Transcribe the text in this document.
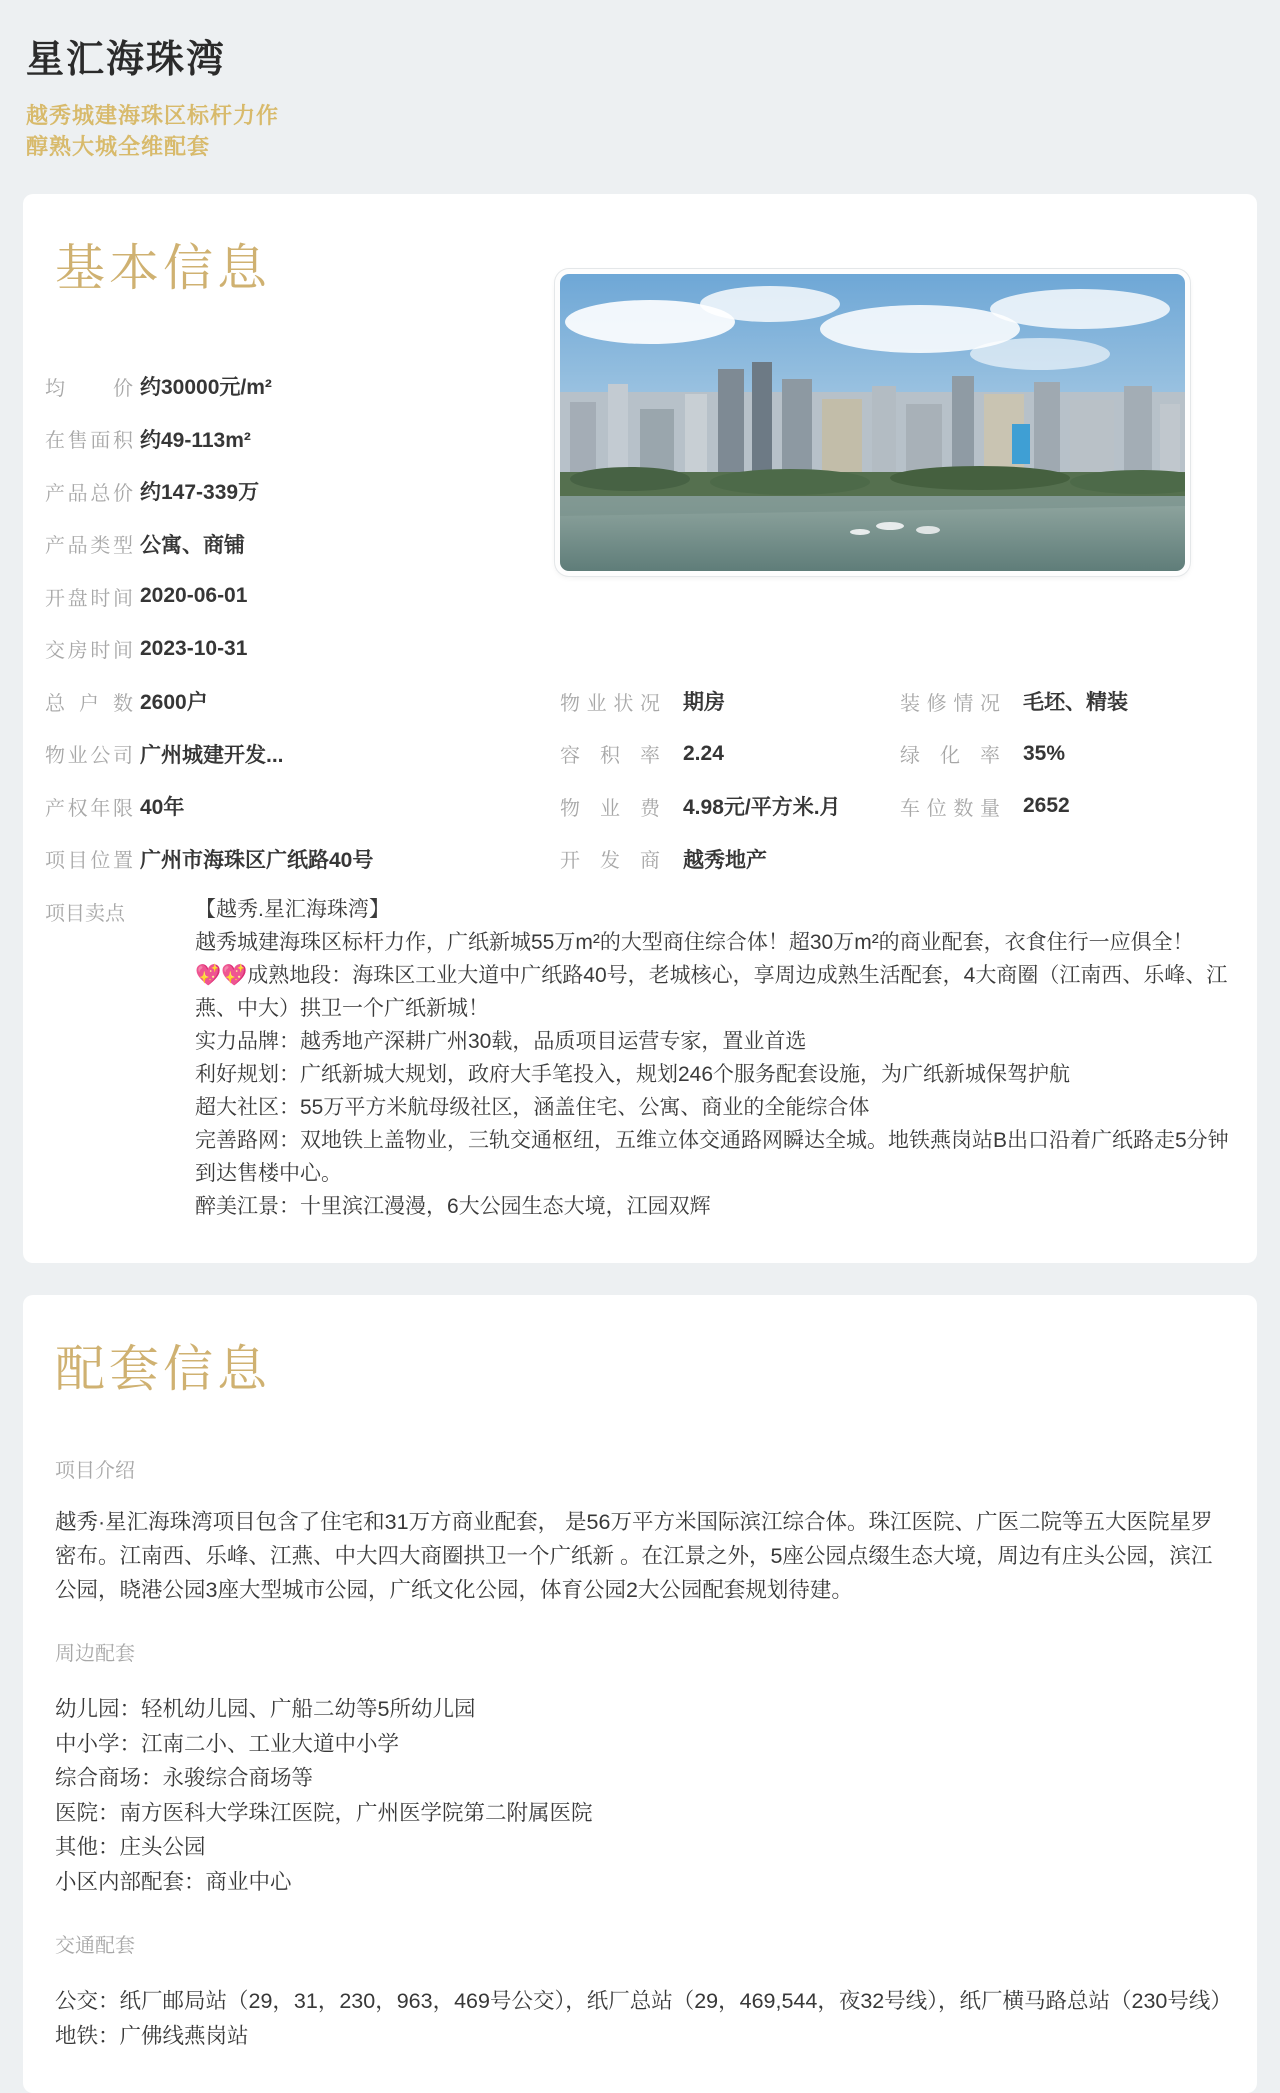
星汇海珠湾
越秀城建海珠区标杆力作
醇熟大城全维配套
基本信息
均价 约30000元/m²
在售面积 约49-113m²
产品总价 约147-339万
产品类型 公寓、商铺
开盘时间 2020-06-01
交房时间 2023-10-31
总户数 2600户
物业公司 广州城建开发...
产权年限 40年
项目位置 广州市海珠区广纸路40号
物业状况 期房
容积率 2.24
物业费 4.98元/平方米.月
开发商 越秀地产
装修情况 毛坯、精装
绿化率 35%
车位数量 2652
项目卖点	【越秀.星汇海珠湾】
越秀城建海珠区标杆力作，广纸新城55万m²的大型商住综合体！超30万m²的商业配套，衣食住行一应俱全！
💖💖成熟地段：海珠区工业大道中广纸路40号，老城核心，享周边成熟生活配套，4大商圈（江南西、乐峰、江燕、中大）拱卫一个广纸新城！
实力品牌：越秀地产深耕广州30载，品质项目运营专家，置业首选
利好规划：广纸新城大规划，政府大手笔投入，规划246个服务配套设施，为广纸新城保驾护航
超大社区：55万平方米航母级社区，涵盖住宅、公寓、商业的全能综合体
完善路网：双地铁上盖物业，三轨交通枢纽，五维立体交通路网瞬达全城。地铁燕岗站B出口沿着广纸路走5分钟到达售楼中心。
醉美江景：十里滨江漫漫，6大公园生态大境，江园双辉
配套信息
项目介绍
越秀·星汇海珠湾项目包含了住宅和31万方商业配套， 是56万平方米国际滨江综合体。珠江医院、广医二院等五大医院星罗密布。江南西、乐峰、江燕、中大四大商圈拱卫一个广纸新 。在江景之外，5座公园点缀生态大境，周边有庄头公园，滨江公园，晓港公园3座大型城市公园，广纸文化公园，体育公园2大公园配套规划待建。
周边配套
幼儿园：轻机幼儿园、广船二幼等5所幼儿园
中小学：江南二小、工业大道中小学
综合商场：永骏综合商场等
医院：南方医科大学珠江医院，广州医学院第二附属医院
其他：庄头公园
小区内部配套：商业中心
交通配套
公交：纸厂邮局站（29，31，230，963，469号公交），纸厂总站（29，469,544，夜32号线），纸厂横马路总站（230号线）
地铁：广佛线燕岗站
